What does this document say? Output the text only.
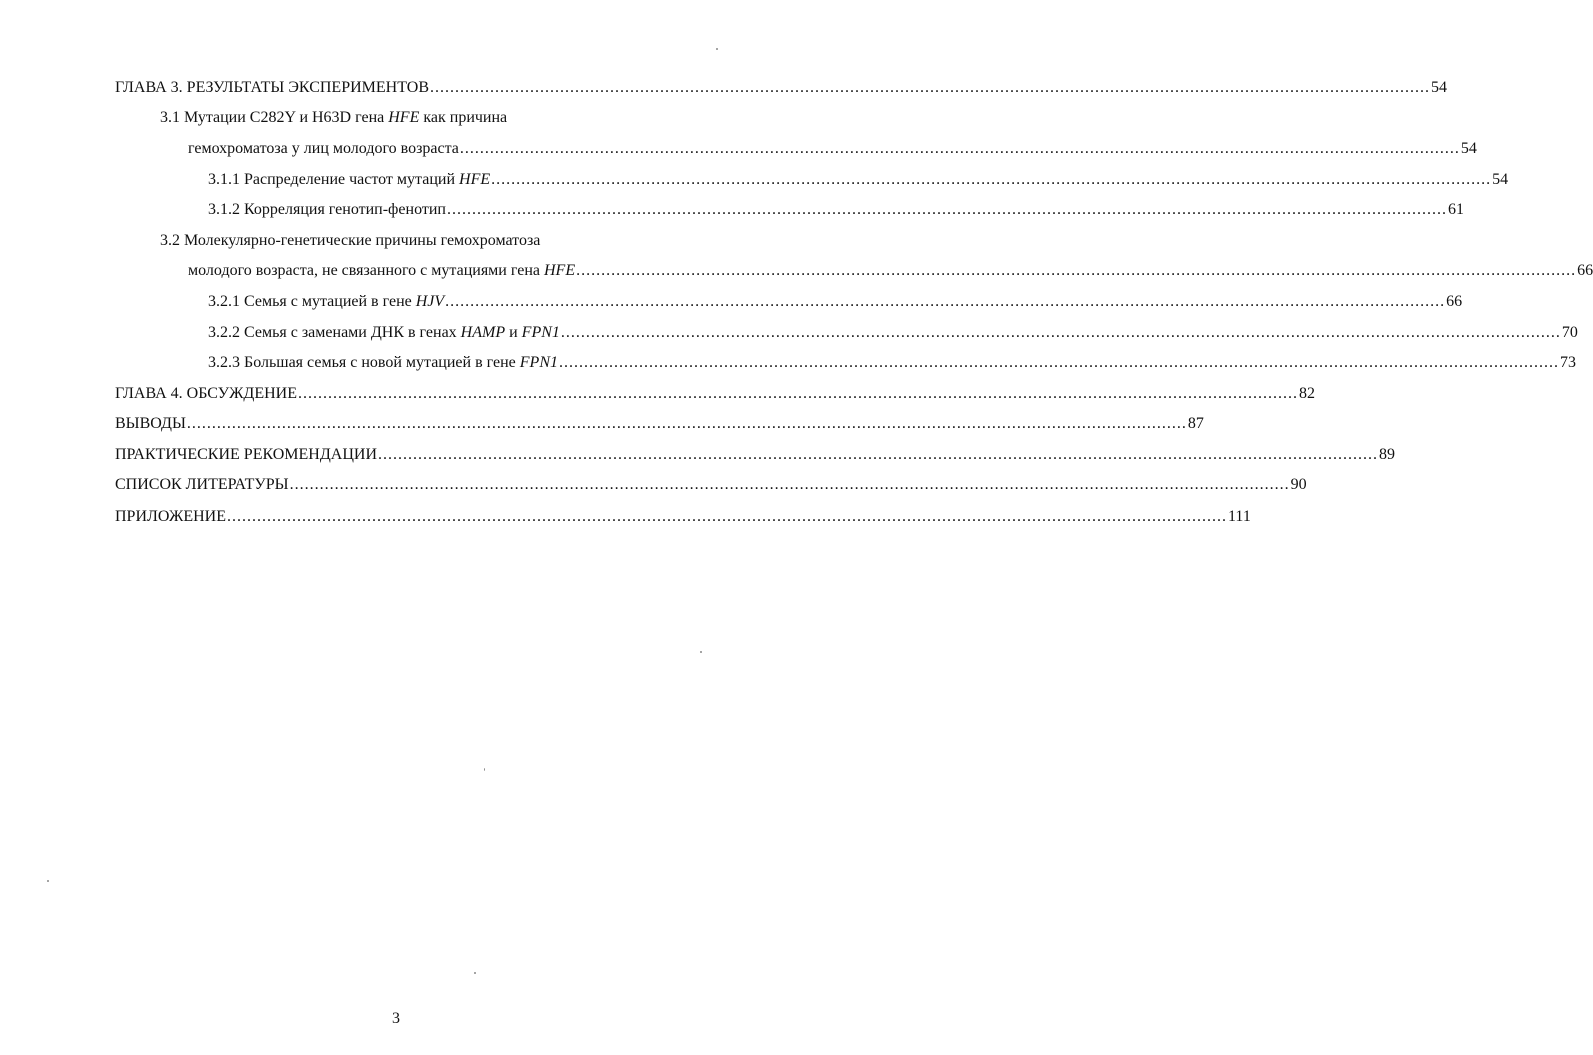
ГЛАВА 3. РЕЗУЛЬТАТЫ ЭКСПЕРИМЕНТОВ ........................................................................................................................................................................................................ 54
3.1 Мутации С282Y и H63D гена HFE как причина
гемохроматоза у лиц молодого возраста ........................................................................................................................................................................................................ 54
3.1.1 Распределение частот мутаций HFE ........................................................................................................................................................................................................ 54
3.1.2 Корреляция генотип-фенотип ........................................................................................................................................................................................................ 61
3.2 Молекулярно-генетические причины гемохроматоза
молодого возраста, не связанного с мутациями гена HFE ........................................................................................................................................................................................................ 66
3.2.1 Семья с мутацией в гене HJV ........................................................................................................................................................................................................ 66
3.2.2 Семья с заменами ДНК в генах HAMP и FPN1 ........................................................................................................................................................................................................ 70
3.2.3 Большая семья с новой мутацией в гене FPN1 ........................................................................................................................................................................................................ 73
ГЛАВА 4. ОБСУЖДЕНИЕ ........................................................................................................................................................................................................ 82
ВЫВОДЫ ........................................................................................................................................................................................................ 87
ПРАКТИЧЕСКИЕ РЕКОМЕНДАЦИИ ........................................................................................................................................................................................................ 89
СПИСОК ЛИТЕРАТУРЫ ........................................................................................................................................................................................................ 90
ПРИЛОЖЕНИЕ ........................................................................................................................................................................................................ 111
3
